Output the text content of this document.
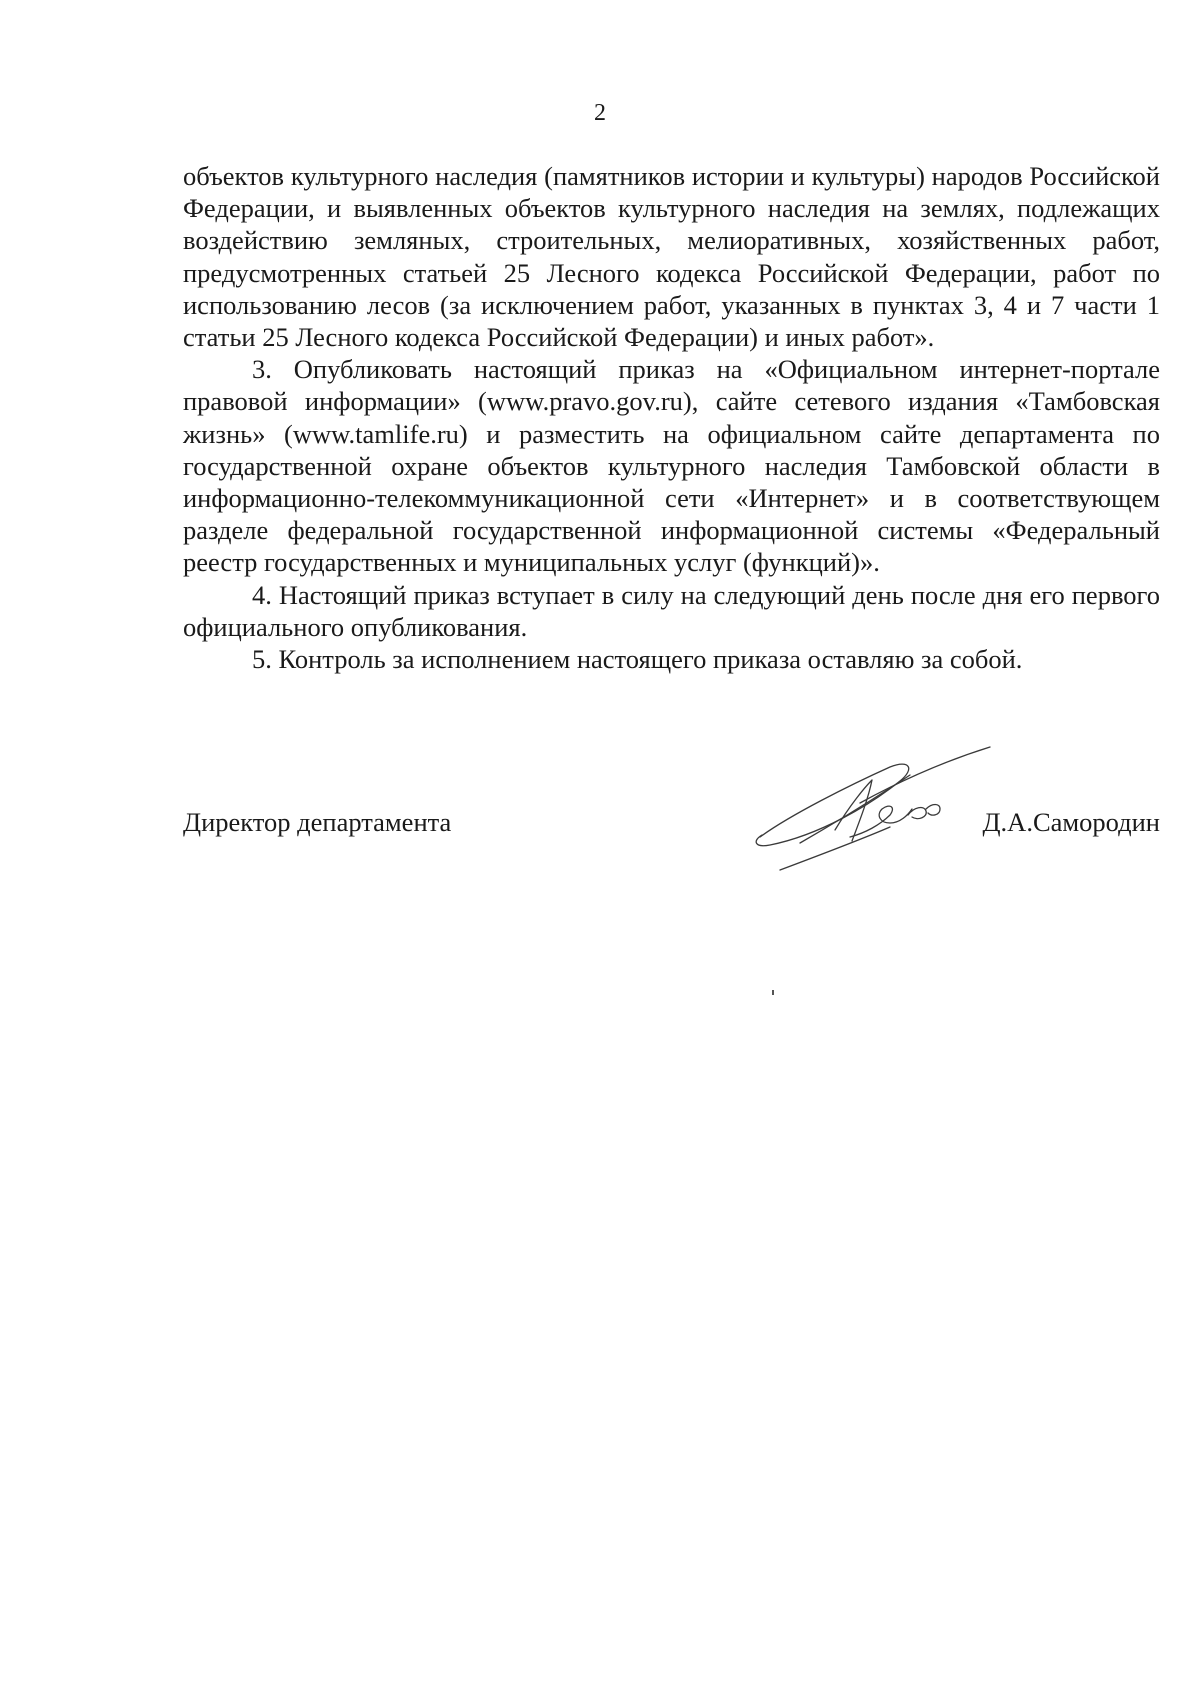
2

объектов культурного наследия (памятников истории и культуры) народов Российской Федерации, и выявленных объектов культурного наследия на землях, подлежащих воздействию земляных, строительных, мелиоративных, хозяйственных работ, предусмотренных статьей 25 Лесного кодекса Российской Федерации, работ по использованию лесов (за исключением работ, указанных в пунктах 3, 4 и 7 части 1 статьи 25 Лесного кодекса Российской Федерации) и иных работ».

3. Опубликовать настоящий приказ на «Официальном интернет-портале правовой информации» (www.pravo.gov.ru), сайте сетевого издания «Тамбовская жизнь» (www.tamlife.ru) и разместить на официальном сайте департамента по государственной охране объектов культурного наследия Тамбовской области в информационно-телекоммуникационной сети «Интернет» и в соответствующем разделе федеральной государственной информационной системы «Федеральный реестр государственных и муниципальных услуг (функций)».

4. Настоящий приказ вступает в силу на следующий день после дня его первого официального опубликования.

5. Контроль за исполнением настоящего приказа оставляю за собой.

Директор департамента	Д.А.Самородин
